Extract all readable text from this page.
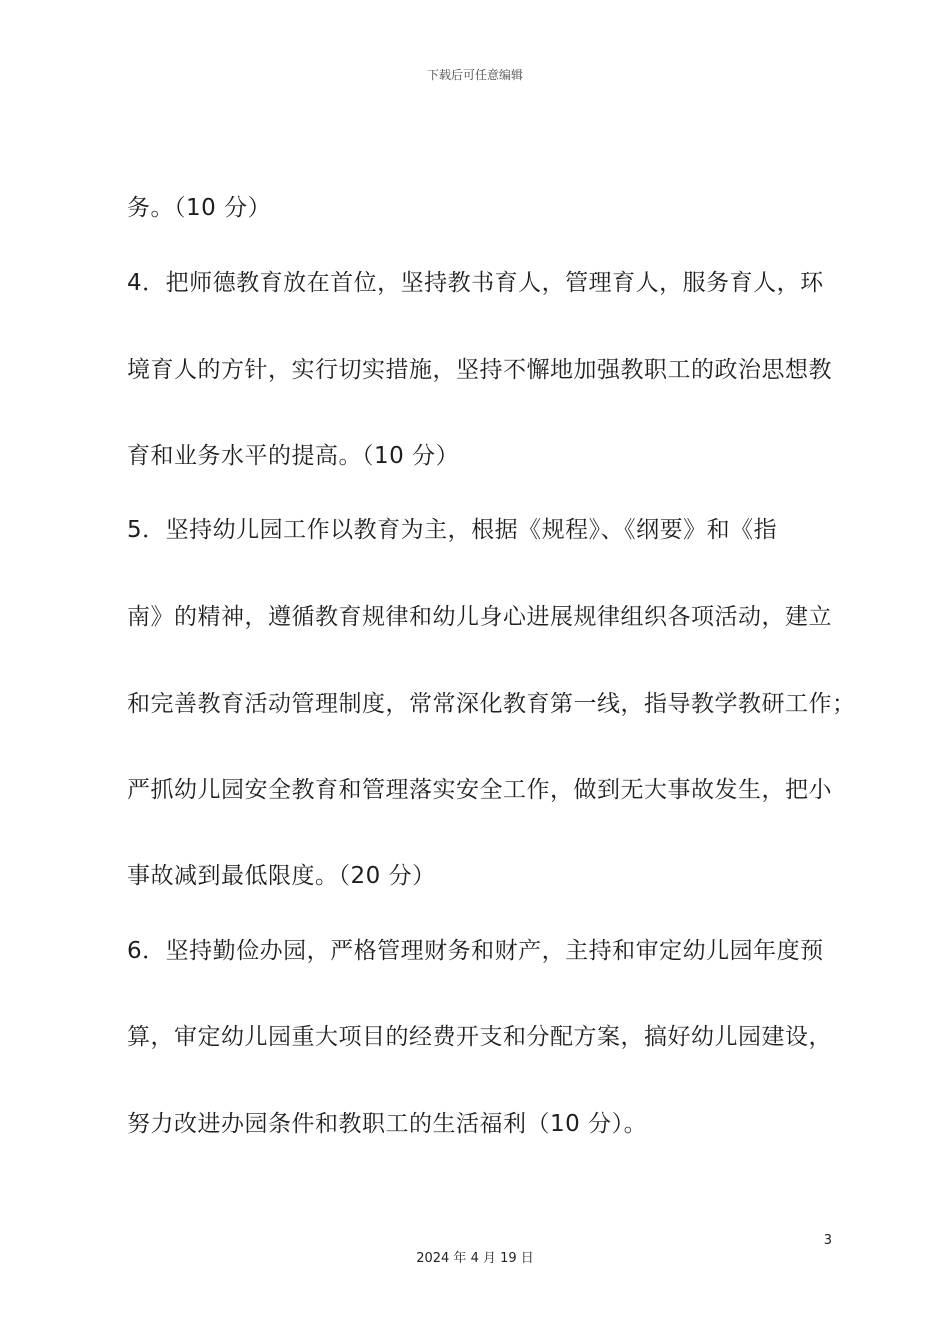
下载后可任意编辑
务。（10 分）
4．把师德教育放在首位，坚持教书育人，管理育人，服务育人，环
境育人的方针，实行切实措施，坚持不懈地加强教职工的政治思想教
育和业务水平的提高。（10 分）
5．坚持幼儿园工作以教育为主，根据《规程》、《纲要》和《指
南》的精神，遵循教育规律和幼儿身心进展规律组织各项活动，建立
和完善教育活动管理制度，常常深化教育第一线，指导教学教研工作；
严抓幼儿园安全教育和管理落实安全工作，做到无大事故发生，把小
事故减到最低限度。（20 分）
6．坚持勤俭办园，严格管理财务和财产，主持和审定幼儿园年度预
算，审定幼儿园重大项目的经费开支和分配方案，搞好幼儿园建设，
努力改进办园条件和教职工的生活福利（10 分）。
3
2024 年 4 月 19 日
